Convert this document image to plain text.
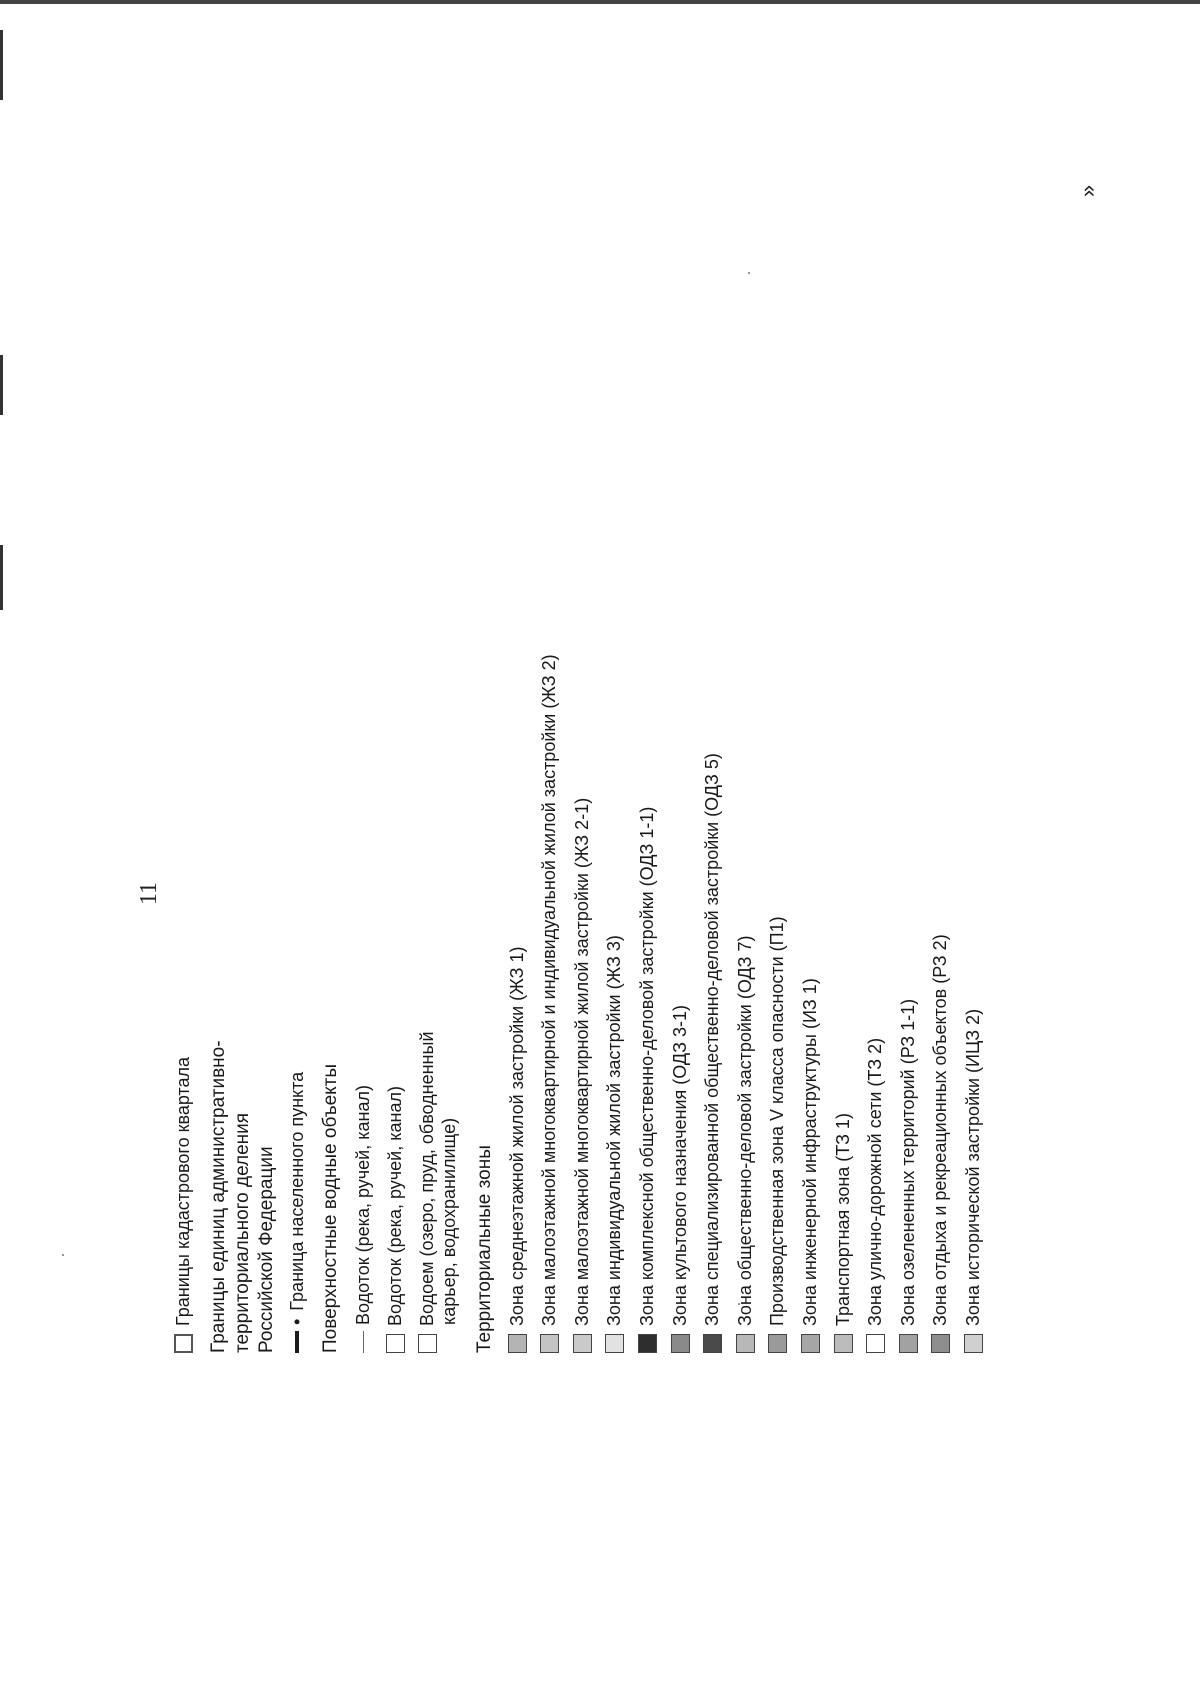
11
»
Границы кадастрового квартала Границы единиц административно- территориального деления Российской Федерации •
Граница населенного пункта Поверхностные водные объекты Водоток (река, ручей, канал) Водоток (река, ручей, канал) Водоем (озеро, пруд, обводненный карьер, водохранилище) Территориальные зоны Зона среднеэтажной жилой застройки (ЖЗ 1) Зона малоэтажной многоквартирной и индивидуальной жилой застройки (ЖЗ 2) Зона малоэтажной многоквартирной жилой застройки (ЖЗ 2-1) Зона индивидуальной жилой застройки (ЖЗ 3) Зона комплексной общественно-деловой застройки (ОДЗ 1-1) Зона культового назначения (ОДЗ 3-1) Зона специализированной общественно-деловой застройки (ОДЗ 5) Зона общественно-деловой застройки (ОДЗ 7) Производственная зона V класса опасности (П1) Зона инженерной инфраструктуры (ИЗ 1) Транспортная зона (ТЗ 1) Зона улично-дорожной сети (ТЗ 2) Зона озелененных территорий (РЗ 1-1) Зона отдыха и рекреационных объектов (РЗ 2) Зона исторической застройки (ИЦЗ 2)
